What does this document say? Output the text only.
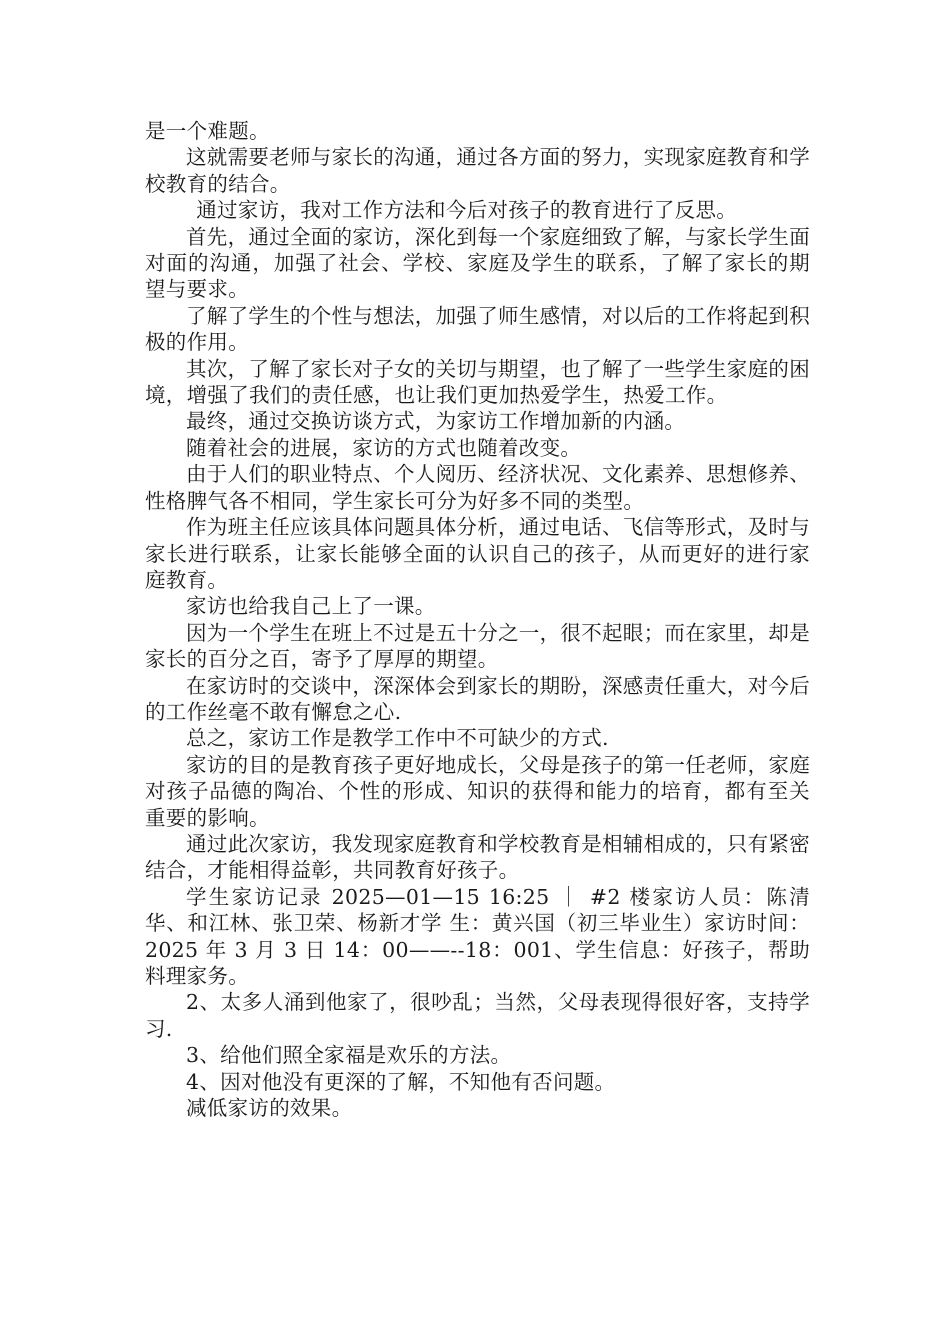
是一个难题。

这就需要老师与家长的沟通，通过各方面的努力，实现家庭教育和学校教育的结合。

通过家访，我对工作方法和今后对孩子的教育进行了反思。

首先，通过全面的家访，深化到每一个家庭细致了解，与家长学生面对面的沟通，加强了社会、学校、家庭及学生的联系，了解了家长的期望与要求。

了解了学生的个性与想法，加强了师生感情，对以后的工作将起到积极的作用。

其次，了解了家长对子女的关切与期望，也了解了一些学生家庭的困境，增强了我们的责任感，也让我们更加热爱学生，热爱工作。

最终，通过交换访谈方式，为家访工作增加新的内涵。

随着社会的进展，家访的方式也随着改变。

由于人们的职业特点、个人阅历、经济状况、文化素养、思想修养、性格脾气各不相同，学生家长可分为好多不同的类型。

作为班主任应该具体问题具体分析，通过电话、飞信等形式，及时与家长进行联系，让家长能够全面的认识自己的孩子，从而更好的进行家庭教育。

家访也给我自己上了一课。

因为一个学生在班上不过是五十分之一，很不起眼；而在家里，却是家长的百分之百，寄予了厚厚的期望。

在家访时的交谈中，深深体会到家长的期盼，深感责任重大，对今后的工作丝毫不敢有懈怠之心.

总之，家访工作是教学工作中不可缺少的方式.

家访的目的是教育孩子更好地成长，父母是孩子的第一任老师，家庭对孩子品德的陶冶、个性的形成、知识的获得和能力的培育，都有至关重要的影响。

通过此次家访，我发现家庭教育和学校教育是相辅相成的，只有紧密结合，才能相得益彰，共同教育好孩子。

学生家访记录 2025—01—15 16:25 ｜ #2 楼家访人员：陈清华、和江林、张卫荣、杨新才学 生：黄兴国（初三毕业生）家访时间：2025 年 3 月 3 日 14：00——--18：001、学生信息：好孩子，帮助料理家务。

2、太多人涌到他家了，很吵乱；当然，父母表现得很好客，支持学习.

3、给他们照全家福是欢乐的方法。

4、因对他没有更深的了解，不知他有否问题。

减低家访的效果。
